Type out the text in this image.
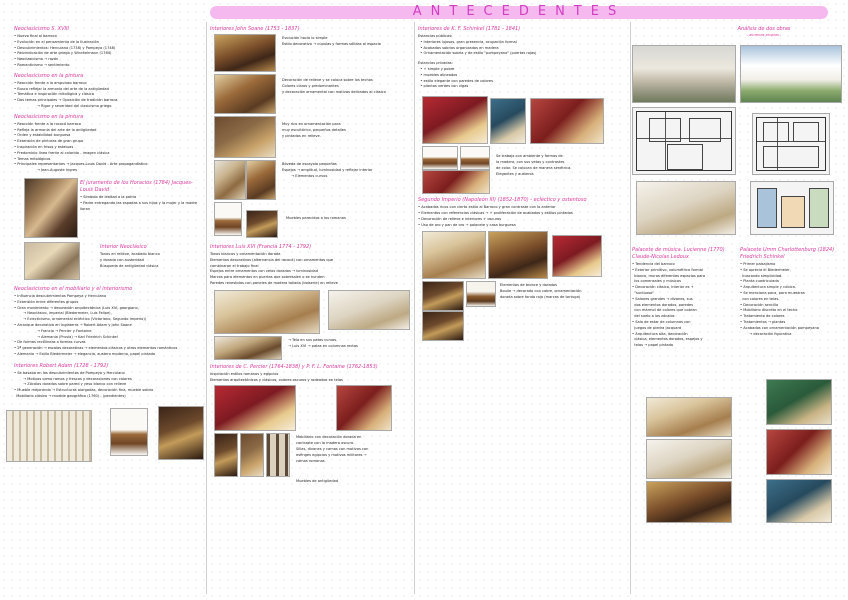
ANTECEDENTES
Neoclasicismo S. XVIII

• Nuevo final al barroco
• Evolución en el pensamiento de la Ilustración
• Descubrimientos: Herculano (1738) y Pompeya (1748)
• Reivindicación de arte griego y Winckelmann (1764)
• Neoclasicismo → razón
• Romanticismo → sentimiento

Neoclasicismo en la pintura

• Reacción frente a lo ampuloso barroco
• Busca reflejar la armonía del arte de la antigüedad
• Temática e inspiración mitológica y clásica
• Dos temas principales → Oposición de tradición barroca
→ Rigor y severidad del clasicismo griego

Neoclasicismo en la pintura

• Reacción frente a lo rococó barroco
• Refleja la armonía del arte de la antigüedad
• Orden y estabilidad burguesa
• Extensión de pinturas de gran grupo
• Inspiración en frisos y estatuas
• Predominio línea frente al colorido - imagen clásica
• Temas mitológicos
• Principales representantes → Jacques-Louis David - Arte propagandístico
→ Jean-Auguste Ingres

El juramento de los Horacios (1784) Jacques-Louis David

• Símbolo de lealtad a la patria
• Padre entregando las espadas a sus hijos y la mujer y la madre lloran

Interior Neoclásico

Tonos en relieve, acabado blanco
y dorado con austeridad
Búsqueda de antigüedad clásica

Neoclasicismo en el mobiliario y el interiorismo

• Influencia descubrimientos Pompeya y Herculano
• Extensión entre diferentes grupos
• Gran movimiento → decoración arquitectónica (Luis XVI, georgiano,
→ Neoclásico, imperial (Biedermeier, Luis Felipe),
→ Eclecticismo, ornamental ecléctico (Victoriano, Segundo Imperio))
• Arranque decorativo en Inglaterra → Robert Adam y John Soane
→ Francia → Percier y Fontaine
→ Alemania (Prusia) → Karl Friedrich Schinkel
• De formas rectilíneas a formas curvas
• 2ª generación → escalas decorativas → elementos clásicos y otros elementos románticos
• Alemania → Estilo Biedermeier → elegancia, austero moderno, papel pintado

Interiores Robert Adam (1728 - 1792)

• Se basaba en los descubrimientos de Pompeya y Herculano
→ Motivos como ramos y frescos y decoraciones con colores
→ Zócalos dorados sobre pared y yeso blanco con relieve
• Mueble mejorando → Estructuras alargadas, decoración fina, mueble sobrio
Mobiliario clásico → mueble geográfico (1760) - (pendientes)

Interiores John Soane (1753 - 1837)

Evolución hacia lo simple
Estilo decorativo → cúpulas y formas sólidas al espacio

Decoración de relieve y se coloca sobre los techos
Colores claros y predominantes
y decoración ornamental con motivos delicados al clásico

Muy rico en ornamentación para
muy escultórico, pequeños detalles
y pintados en relieve.

Bóveda de escayola pequeñas
Espejos → amplitud, luminosidad y reflejar interior
→ Elementos curvos

Muebles parecidos a los romanos

Interiores Luis XVI (Francia 1774 - 1792)

Tonos blancos y ornamentación dorada
Elementos decorativos (alternancia del rococó) con ornamentos que
combinaron el trabajo final
Espejos entre ornamentos con velos dorados → luminosidad
Marcos para elementos en puertas que sobresalen o se hunden
Paredes revestidas con paneles de madera tallada (boiserie) en relieve

→ Tela en sus patas curvas.
→ Luis XVI → patas en columnas rectas

Interiores de C. Percier (1764-1838) y P. F. L. Fontaine (1762-1853)

Inspiración estilos romanos y egipcios
Elementos arquitectónicos y clásicos, colores oscuros y rodeados en telas

Mobiliario con decoración dorada en
contraste con la madera oscura.
Sillas, divanes y camas con motivos con
esfinges egipcios y motivos militares →
camas romanas.

Muebles de antigüedad

Interiores de K. F. Schinkel (1781 - 1841)

Estancias públicas:
• Interiores lujosos, gran presencia, ocupación formal
• Acabados sobrios organizados en madera
• Ornamentación sobria y de estilo "pompeyano" (puertas rojas)

Estancias privadas:
• + simple y pobre
• muebles alineados
• estilo elegante con paredes de colores
• plantas verdes con vigas

Se trabaja con ambiente y formas de
la madera, con sus vetas y contrastes
de color. Se colocan de manera simétrica.
Elegantes y austeros

Segundo Imperio (Napoleón III) (1852-1870) - ecléctico y ostentoso

• Acabados ricos con cierto estilo al Barroco y gran contraste con lo anterior
• Elementos con referencias clásicas → + proliferación de acabados y estilos pintados
• Decoración de relieve e interiores + oscuros
• Uso de oro y pan de oro → palacete y casa burguesa

Elementos de bronce y dorados
Boulle → decorado con cobre, ornamentación
dorada sobre fondo rojo (marcas de tortuga)

Análisis de dos obras
- alumnas propias -
Palacete de música. Lucienne (1770) Claude-Nicolas Ledoux

• Tendencia del barroco
• Exterior primitivo, volumétrico formal
blanco, muros diferentes espacios para
los comensales y músicos
• Decoración clásica, interior es +
"suntuoso"
• Salones grandes → divanes, sus
dos elementos dorados, paredes
con mármol de colores que cobran
del suelo a los zócalos
• Sala de estar de columnas con
juegos de piedra Jacquard
• Arquitectura alta, decoración
clásica, elementos dorados, espejos y
telas → papel pintado

Palacete Umm Charlottenburg (1824) Friedrich Schinkel

• Primer paisajismo
• Se aprecia el Biedermeier,
buscando simplicidad.
• Planta cuadriculada
• Arquitectura simple y cúbica.
• Se menciona poca, para muestras
con colores en telas.
• Decoración sencilla
• Mobiliario discreto en el techo
• Tratamiento de colores
• Tratamientos → plantas
• Acabados con ornamentación pompeyana
→ decoración figurativa
